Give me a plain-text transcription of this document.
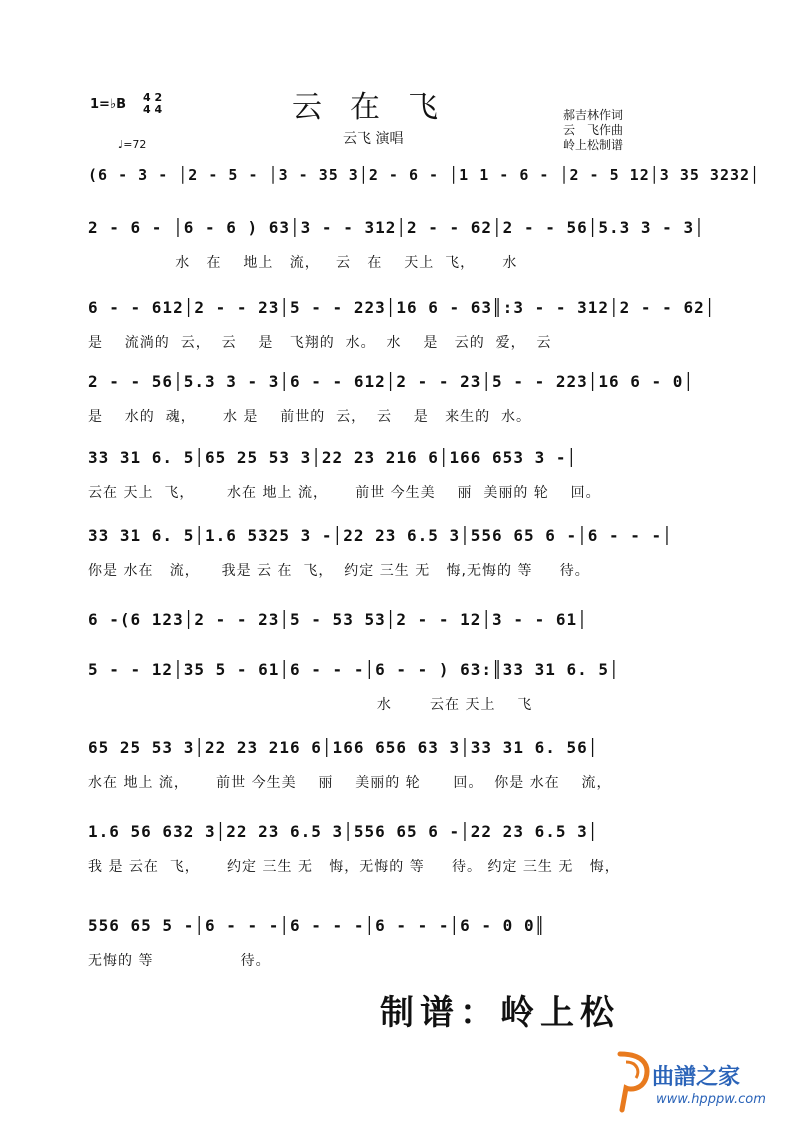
1=♭B 4 2
4 4
♩=72
云在飞
云飞 演唱
郝吉林作词
云　飞作曲
岭上松制谱
(6 - 3 - │2 - 5 - │3 - 35 3│2 - 6 - │1 1 - 6 - │2 - 5 12│3 35 3232│
2 - 6 - │6 - 6 ) 63│3 - - 312│2 - - 62│2 - - 56│5.3 3 - 3│
水   在    地上   流，   云   在    天上  飞，     水
6 - - 612│2 - - 23│5 - - 223│16 6 - 63║:3 - - 312│2 - - 62│
是    流淌的  云，  云    是   飞翔的  水。  水    是   云的  爱，  云
2 - - 56│5.3 3 - 3│6 - - 612│2 - - 23│5 - - 223│16 6 - 0│
是    水的  魂，     水 是    前世的  云，  云    是   来生的  水。
33 31 6. 5│65 25 53 3│22 23 216 6│166 653 3 -│
云在 天上  飞，      水在 地上 流，     前世 今生美    丽  美丽的 轮    回。
33 31 6. 5│1.6 5325 3 -│22 23 6.5 3│556 65 6 -│6 - - -│
你是 水在   流，    我是 云 在  飞，  约定 三生 无   悔,无悔的 等     待。
6 -(6 123│2 - - 23│5 - 53 53│2 - - 12│3 - - 61│
5 - - 12│35 5 - 61│6 - - -│6 - - ) 63:║33 31 6. 5│
水       云在 天上    飞
65 25 53 3│22 23 216 6│166 656 63 3│33 31 6. 56│
水在 地上 流，     前世 今生美    丽    美丽的 轮      回。  你是 水在    流，
1.6 56 632 3│22 23 6.5 3│556 65 6 -│22 23 6.5 3│
我 是 云在  飞，     约定 三生 无   悔，无悔的 等     待。 约定 三生 无   悔，
556 65 5 -│6 - - -│6 - - -│6 - - -│6 - 0 0║
无悔的 等                待。
制谱：岭上松
曲譜之家
www.hpppw.com
